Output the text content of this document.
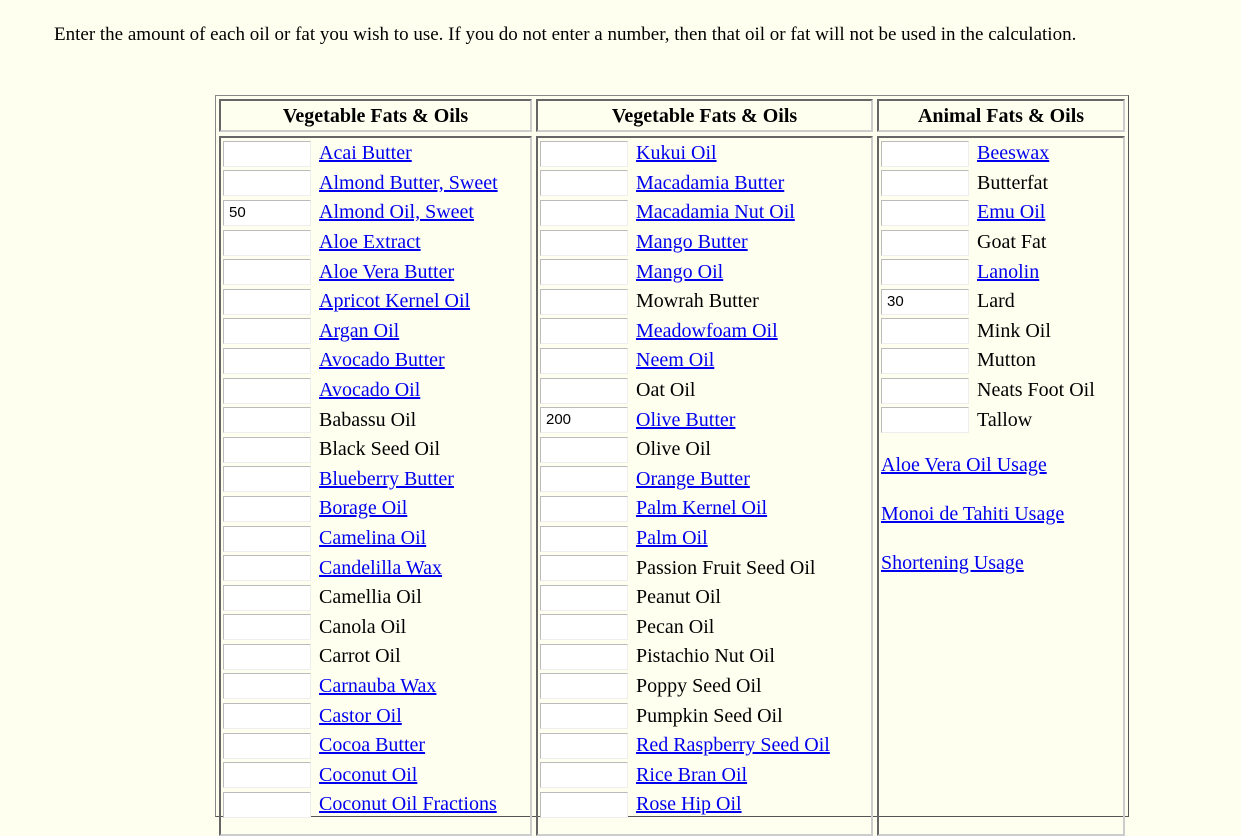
Enter the amount of each oil or fat you wish to use. If you do not enter a number, then that oil or fat will not be used in the calculation.
Vegetable Fats & Oils
Acai Butter
Almond Butter, Sweet
50	Almond Oil, Sweet
Aloe Extract
Aloe Vera Butter
Apricot Kernel Oil
Argan Oil
Avocado Butter
Avocado Oil
Babassu Oil
Black Seed Oil
Blueberry Butter
Borage Oil
Camelina Oil
Candelilla Wax
Camellia Oil
Canola Oil
Carrot Oil
Carnauba Wax
Castor Oil
Cocoa Butter
Coconut Oil
Coconut Oil Fractions
Vegetable Fats & Oils
Kukui Oil
Macadamia Butter
Macadamia Nut Oil
Mango Butter
Mango Oil
Mowrah Butter
Meadowfoam Oil
Neem Oil
Oat Oil
200	Olive Butter
Olive Oil
Orange Butter
Palm Kernel Oil
Palm Oil
Passion Fruit Seed Oil
Peanut Oil
Pecan Oil
Pistachio Nut Oil
Poppy Seed Oil
Pumpkin Seed Oil
Red Raspberry Seed Oil
Rice Bran Oil
Rose Hip Oil
Animal Fats & Oils
Beeswax
Butterfat
Emu Oil
Goat Fat
Lanolin
30	Lard
Mink Oil
Mutton
Neats Foot Oil
Tallow
Aloe Vera Oil Usage
Monoi de Tahiti Usage
Shortening Usage
